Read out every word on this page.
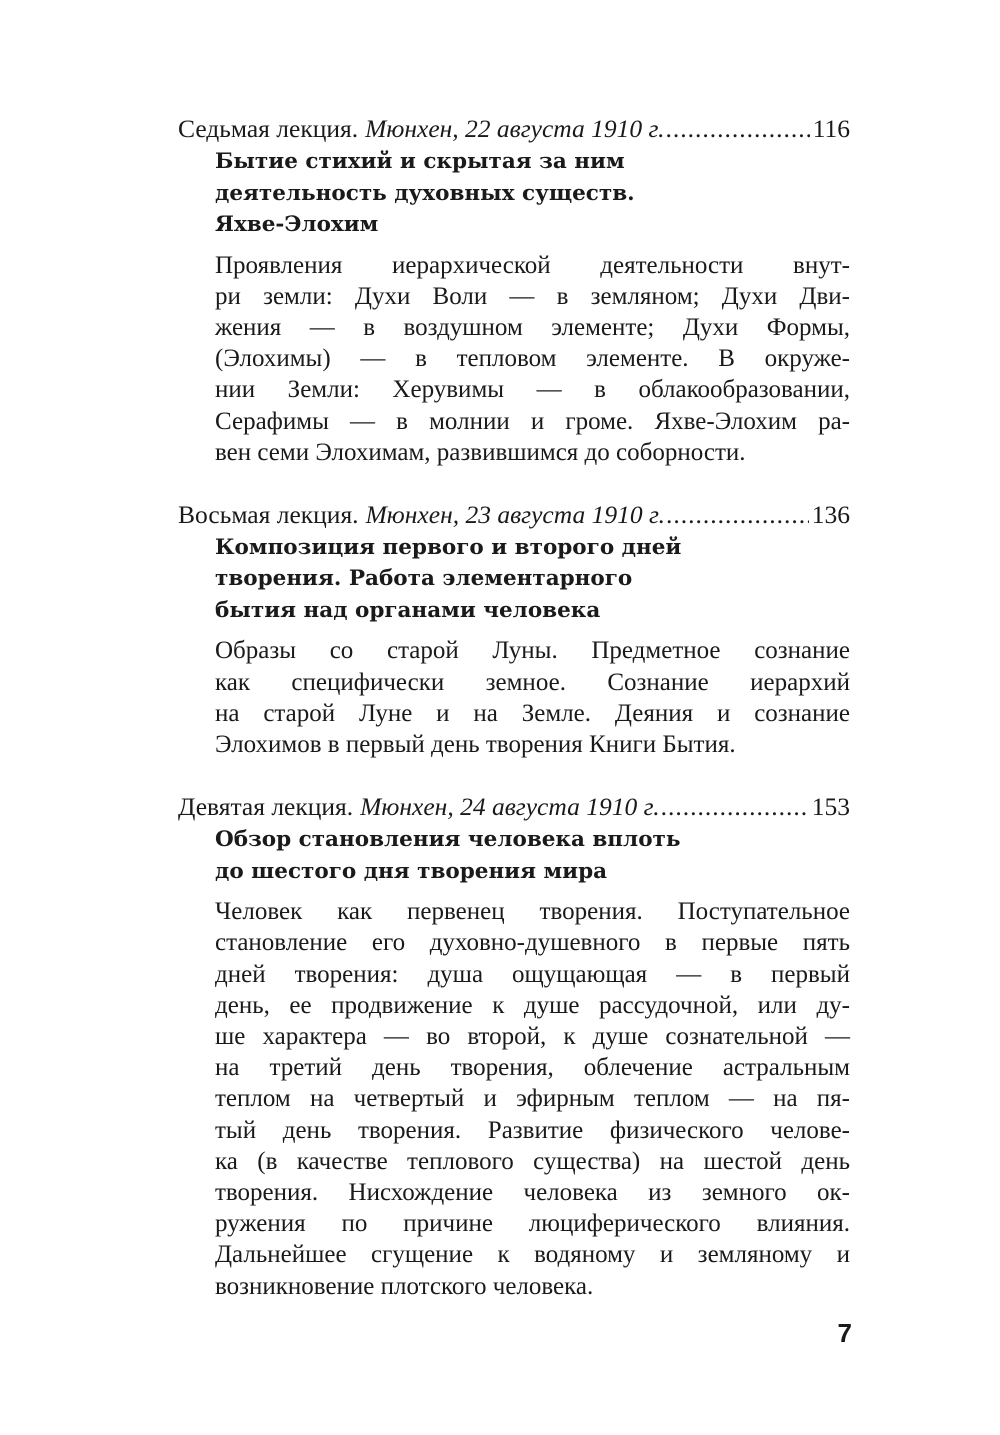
Седьмая лекция. Мюнхен, 22 августа 1910 г. .....	116
Бытие стихий и скрытая за ним
деятельность духовных существ.
Яхве-Элохим
Проявления иерархической деятельности внут-
ри земли: Духи Воли — в земляном; Духи Дви-
жения — в воздушном элементе; Духи Формы,
(Элохимы) — в тепловом элементе. В окруже-
нии Земли: Херувимы — в облакообразовании,
Серафимы — в молнии и громе. Яхве-Элохим ра-
вен семи Элохимам, развившимся до соборности.
Восьмая лекция. Мюнхен, 23 августа 1910 г. .....	136
Композиция первого и второго дней
творения. Работа элементарного
бытия над органами человека
Образы со старой Луны. Предметное сознание
как специфически земное. Сознание иерархий
на старой Луне и на Земле. Деяния и сознание
Элохимов в первый день творения Книги Бытия.
Девятая лекция. Мюнхен, 24 августа 1910 г. .....	153
Обзор становления человека вплоть
до шестого дня творения мира
Человек как первенец творения. Поступательное
становление его духовно-душевного в первые пять
дней творения: душа ощущающая — в первый
день, ее продвижение к душе рассудочной, или ду-
ше характера — во второй, к душе сознательной —
на третий день творения, облечение астральным
теплом на четвертый и эфирным теплом — на пя-
тый день творения. Развитие физического челове-
ка (в качестве теплового существа) на шестой день
творения. Нисхождение человека из земного ок-
ружения по причине люциферического влияния.
Дальнейшее сгущение к водяному и земляному и
возникновение плотского человека.
7
